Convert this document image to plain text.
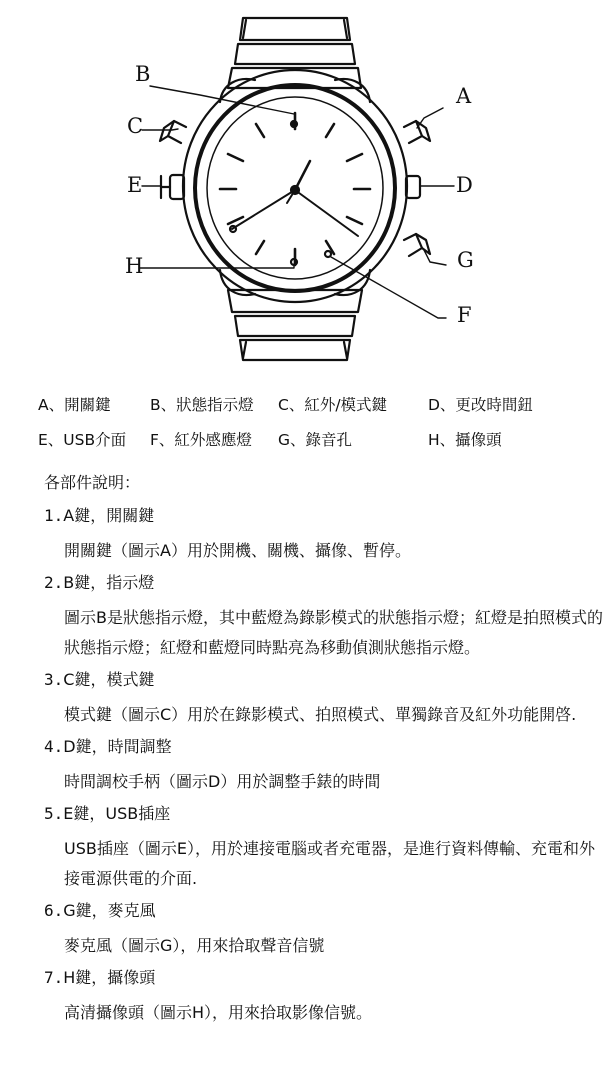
B
A
C
E	D
G
H
F
A、開關鍵	B、狀態指示燈 C、紅外/模式鍵	D、更改時間鈕
E、USB介面 F、紅外感應燈 G、錄音孔	H、攝像頭
各部件說明：
1.A鍵，開關鍵
開關鍵（圖示A）用於開機、關機、攝像、暫停。
2.B鍵，指示燈
圖示B是狀態指示燈，其中藍燈為錄影模式的狀態指示燈；紅燈是拍照模式的狀態指示燈；紅燈和藍燈同時點亮為移動偵測狀態指示燈。
3.C鍵，模式鍵
模式鍵（圖示C）用於在錄影模式、拍照模式、單獨錄音及紅外功能開啓.
4.D鍵，時間調整
時間調校手柄（圖示D）用於調整手錶的時間
5.E鍵，USB插座
USB插座（圖示E），用於連接電腦或者充電器，是進行資料傳輸、充電和外接電源供電的介面.
6.G鍵，麥克風
麥克風（圖示G），用來拾取聲音信號
7.H鍵，攝像頭
高清攝像頭（圖示H），用來拾取影像信號。
